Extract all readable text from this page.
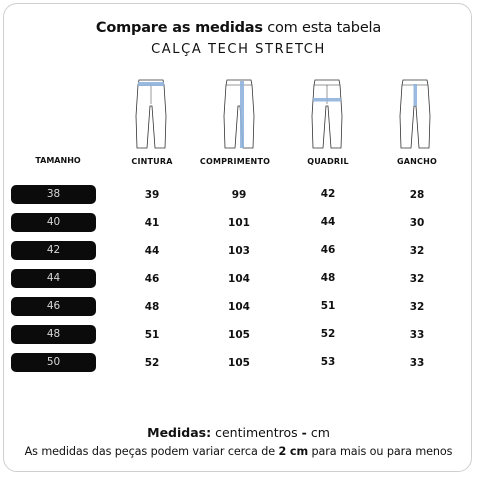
Compare as medidas com esta tabela
CALÇA TECH STRETCH
TAMANHO	CINTURA	COMPRIMENTO	QUADRIL	GANCHO
38	39	99	42	28
40	41	101	44	30
42	44	103	46	32
44	46	104	48	32
46	48	104	51	32
48	51	105	52	33
50	52	105	53	33
Medidas: centimentros - cm
As medidas das peças podem variar cerca de 2 cm para mais ou para menos
